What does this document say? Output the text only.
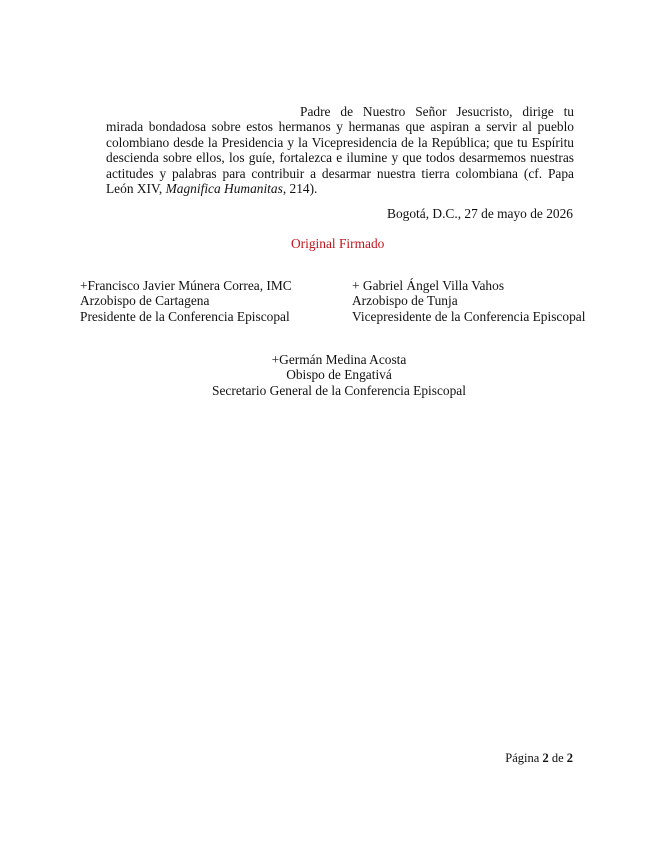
Padre de Nuestro Señor Jesucristo, dirige tu
mirada bondadosa sobre estos hermanos y hermanas que aspiran a servir al pueblo colombiano desde la Presidencia y la Vicepresidencia de la República; que tu Espíritu descienda sobre ellos, los guíe, fortalezca e ilumine y que todos desarmemos nuestras actitudes y palabras para contribuir a desarmar nuestra tierra colombiana (cf. Papa León XIV, Magnifica Humanitas, 214).

Bogotá, D.C., 27 de mayo de 2026

Original Firmado

+Francisco Javier Múnera Correa, IMC
Arzobispo de Cartagena
Presidente de la Conferencia Episcopal
+ Gabriel Ángel Villa Vahos
Arzobispo de Tunja
Vicepresidente de la Conferencia Episcopal
+Germán Medina Acosta
Obispo de Engativá
Secretario General de la Conferencia Episcopal
Página 2 de 2
